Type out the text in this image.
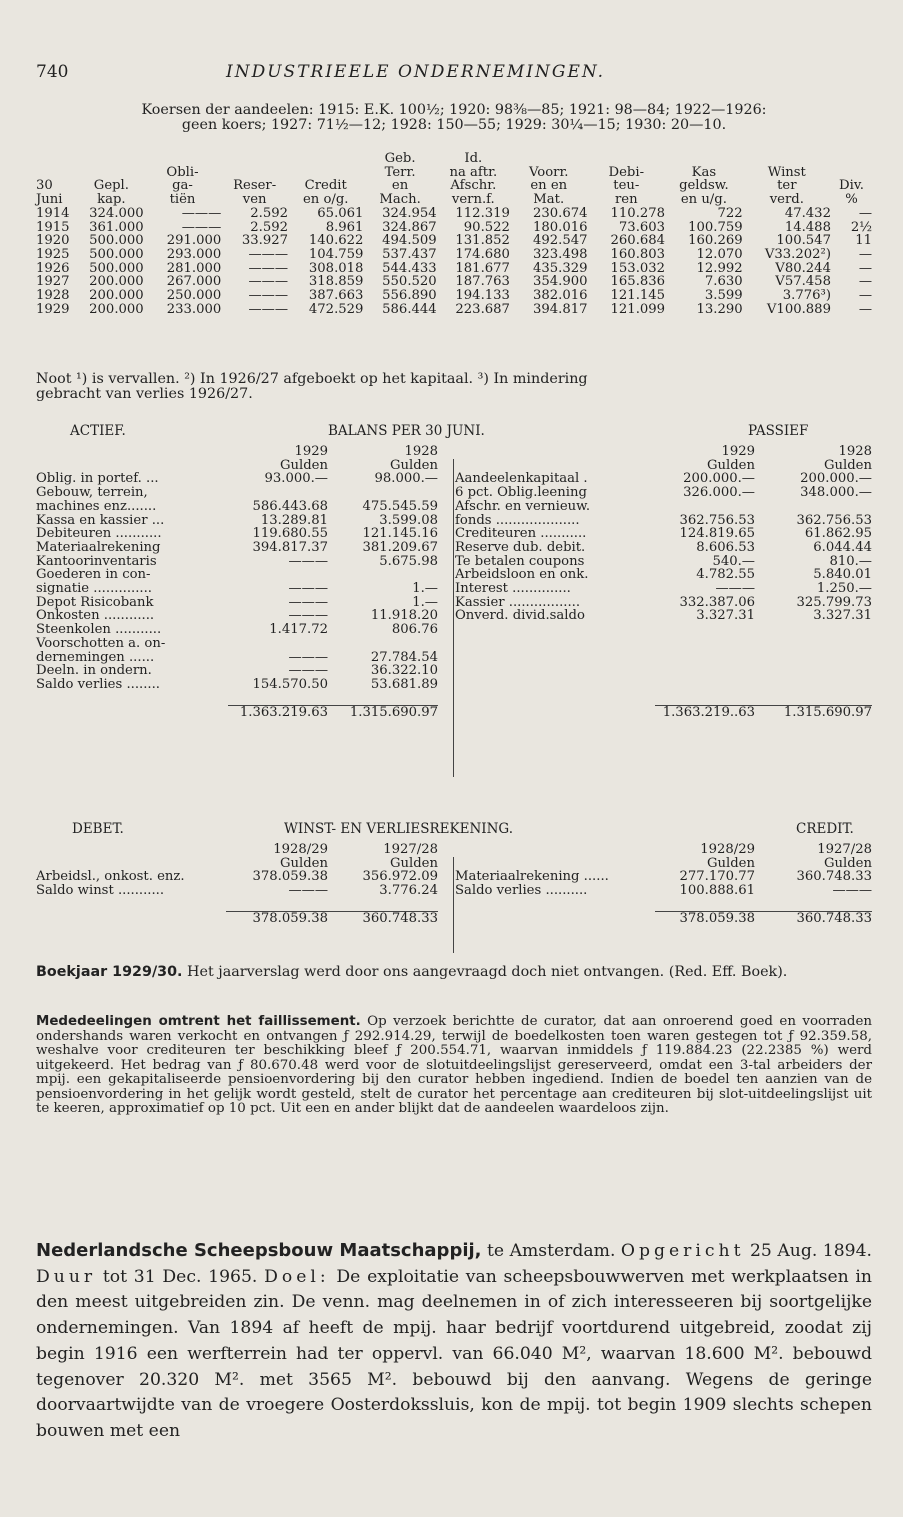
740	INDUSTRIEELE ONDERNEMINGEN.
Koersen der aandeelen: 1915: E.K. 100½; 1920: 98⅜—85; 1921: 98—84; 1922—1926:
geen koers; 1927: 71½—12; 1928: 150—55; 1929: 30¼—15; 1930: 20—10.
					Geb.	Id.					
		Obli-			Terr.	na aftr.	Voorr.	Debi-	Kas	Winst	
30	Gepl.	ga-	Reser-	Credit	en	Afschr.	en en	teu-	geldsw.	ter	Div.
Juni	kap.	tiën	ven	en o/g.	Mach.	vern.f.	Mat.	ren	en u/g.	verd.	%
1914	324.000	———	2.592	65.061	324.954	112.319	230.674	110.278	722	47.432	—
1915	361.000	———	2.592	8.961	324.867	90.522	180.016	73.603	100.759	14.488	2½
1920	500.000	291.000	33.927	140.622	494.509	131.852	492.547	260.684	160.269	100.547	11
1925	500.000	293.000	———	104.759	537.437	174.680	323.498	160.803	12.070	V33.202²)	—
1926	500.000	281.000	———	308.018	544.433	181.677	435.329	153.032	12.992	V80.244	—
1927	200.000	267.000	———	318.859	550.520	187.763	354.900	165.836	7.630	V57.458	—
1928	200.000	250.000	———	387.663	556.890	194.133	382.016	121.145	3.599	3.776³)	—
1929	200.000	233.000	———	472.529	586.444	223.687	394.817	121.099	13.290	V100.889	—
Noot ¹) is vervallen. ²) In 1926/27 afgeboekt op het kapitaal. ³) In mindering
gebracht van verlies 1926/27.
ACTIEF.	BALANS PER 30 JUNI.	PASSIEF
	1929	1928
	Gulden	Gulden
Oblig. in portef. ...	93.000.—	98.000.—
Gebouw, terrein,		
machines enz.......	586.443.68	475.545.59
Kassa en kassier ...	13.289.81	3.599.08
Debiteuren ...........	119.680.55	121.145.16
Materiaalrekening	394.817.37	381.209.67
Kantoorinventaris	———	5.675.98
Goederen in con-		
signatie ..............	———	1.—
Depot Risicobank	———	1.—
Onkosten ............	———	11.918.20
Steenkolen ...........	1.417.72	806.76
Voorschotten a. on-		
dernemingen ......	———	27.784.54
Deeln. in ondern.	———	36.322.10
Saldo verlies ........	154.570.50	53.681.89

	1.363.219.63	1.315.690.97
	1929	1928
	Gulden	Gulden
Aandeelenkapitaal .	200.000.—	200.000.—
6 pct. Oblig.leening	326.000.—	348.000.—
Afschr. en vernieuw.		
fonds ....................	362.756.53	362.756.53
Crediteuren ...........	124.819.65	61.862.95
Reserve dub. debit.	8.606.53	6.044.44
Te betalen coupons	540.—	810.—
Arbeidsloon en onk.	4.782.55	5.840.01
Interest ..............	———	1.250.—
Kassier .................	332.387.06	325.799.73
Onverd. divid.saldo	3.327.31	3.327.31

	1.363.219..63	1.315.690.97
DEBET.	WINST- EN VERLIESREKENING.	CREDIT.
	1928/29	1927/28
	Gulden	Gulden
Arbeidsl., onkost. enz.	378.059.38	356.972.09
Saldo winst ...........	———	3.776.24

	378.059.38	360.748.33
	1928/29	1927/28
	Gulden	Gulden
Materiaalrekening ......	277.170.77	360.748.33
Saldo verlies ..........	100.888.61	———

	378.059.38	360.748.33
Boekjaar 1929/30. Het jaarverslag werd door ons aangevraagd doch niet ontvangen. (Red. Eff. Boek).
Mededeelingen omtrent het faillissement. Op verzoek berichtte de curator, dat aan onroerend goed en voorraden ondershands waren verkocht en ontvangen ƒ 292.914.29, terwijl de boedelkosten toen waren gestegen tot ƒ 92.359.58, weshalve voor crediteuren ter beschikking bleef ƒ 200.554.71, waarvan inmiddels ƒ 119.884.23 (22.2385 %) werd uitgekeerd. Het bedrag van ƒ 80.670.48 werd voor de slotuitdeelingslijst gereserveerd, omdat een 3-tal arbeiders der mpij. een gekapitaliseerde pensioenvordering bij den curator hebben ingediend. Indien de boedel ten aanzien van de pensioenvordering in het gelijk wordt gesteld, stelt de curator het percentage aan crediteuren bij slot-uitdeelingslijst uit te keeren, approximatief op 10 pct. Uit een en ander blijkt dat de aandeelen waardeloos zijn.
Nederlandsche Scheepsbouw Maatschappij, te Amsterdam. Opgericht 25 Aug. 1894. Duur tot 31 Dec. 1965. Doel: De exploitatie van scheepsbouwwerven met werkplaatsen in den meest uitgebreiden zin. De venn. mag deelnemen in of zich interesseeren bij soortgelijke ondernemingen. Van 1894 af heeft de mpij. haar bedrijf voortdurend uitgebreid, zoodat zij begin 1916 een werfterrein had ter oppervl. van 66.040 M², waarvan 18.600 M². bebouwd tegenover 20.320 M². met 3565 M². bebouwd bij den aanvang. Wegens de geringe doorvaartwijdte van de vroegere Oosterdokssluis, kon de mpij. tot begin 1909 slechts schepen bouwen met een
